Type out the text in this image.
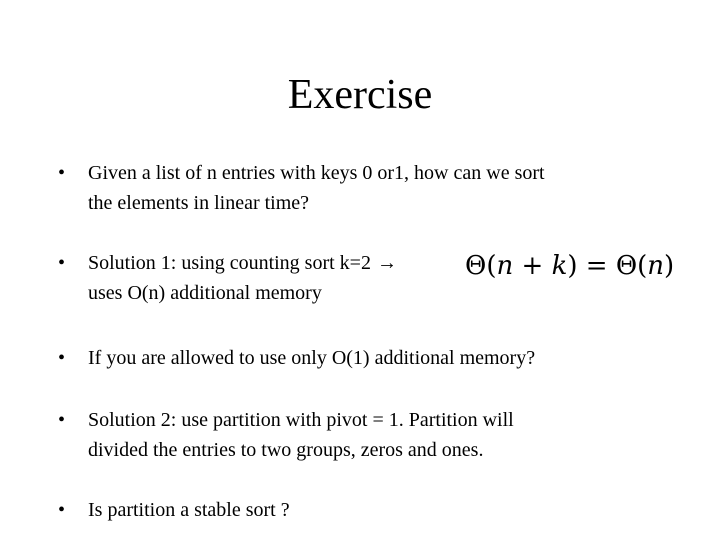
Exercise
•	Given a list of n entries with keys 0 or1, how can we sort
the elements in linear time?
•	Solution 1: using counting sort k=2 →
uses O(n) additional memory
Θ(n + k) = Θ(n)
•	If you are allowed to use only O(1) additional memory?
•	Solution 2: use partition with pivot = 1. Partition will
divided the entries to two groups, zeros and ones.
•	Is partition a stable sort ?
